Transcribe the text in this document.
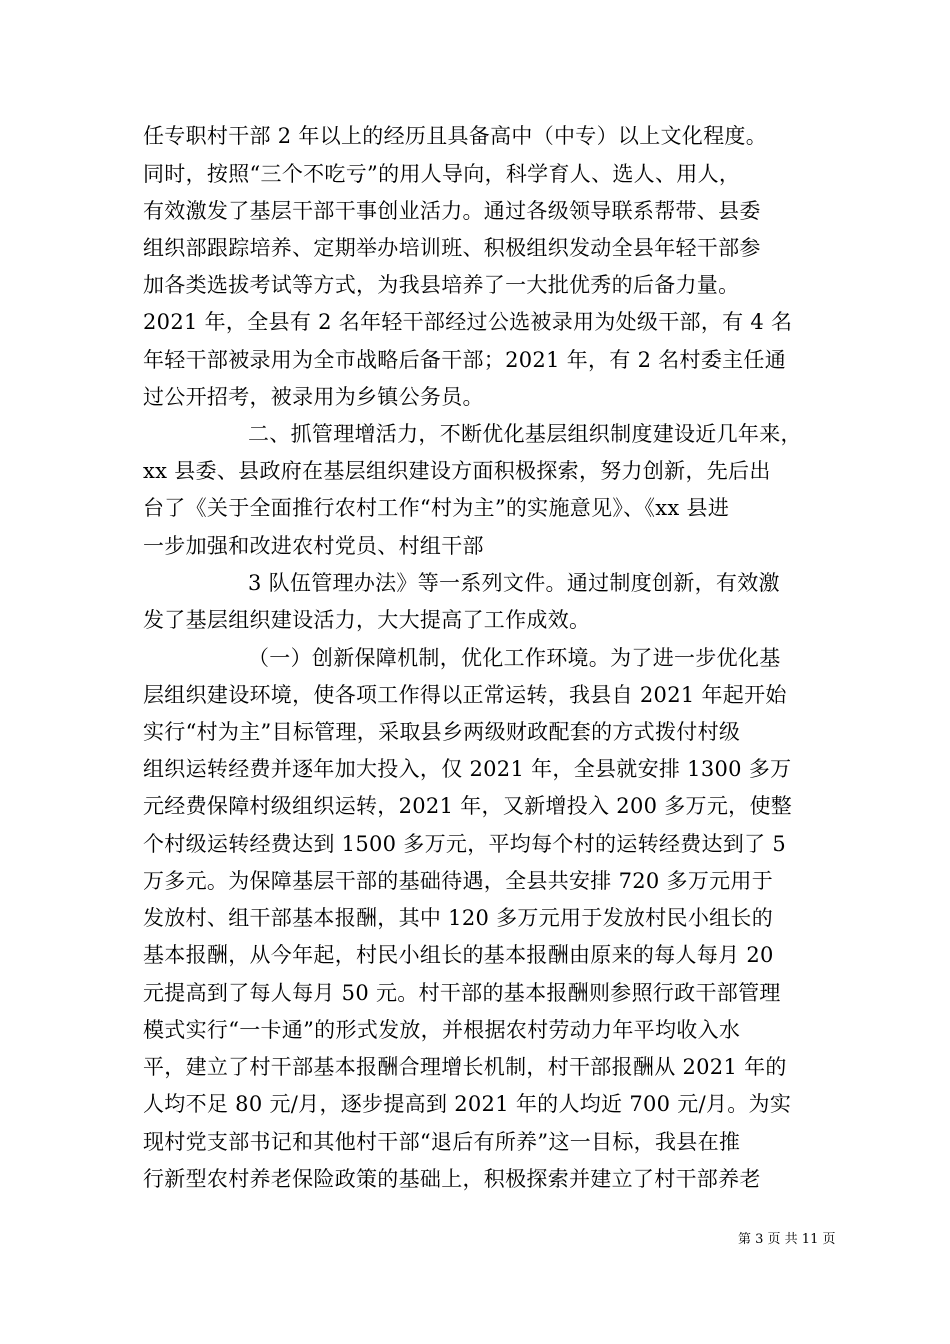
任专职村干部 2 年以上的经历且具备高中（中专）以上文化程度。
同时，按照“三个不吃亏”的用人导向，科学育人、选人、用人，
有效激发了基层干部干事创业活力。通过各级领导联系帮带、县委
组织部跟踪培养、定期举办培训班、积极组织发动全县年轻干部参
加各类选拔考试等方式，为我县培养了一大批优秀的后备力量。
2021 年，全县有 2 名年轻干部经过公选被录用为处级干部，有 4 名
年轻干部被录用为全市战略后备干部；2021 年，有 2 名村委主任通
过公开招考，被录用为乡镇公务员。
二、抓管理增活力，不断优化基层组织制度建设近几年来，
xx 县委、县政府在基层组织建设方面积极探索，努力创新，先后出
台了《关于全面推行农村工作“村为主”的实施意见》、《xx 县进
一步加强和改进农村党员、村组干部
3 队伍管理办法》等一系列文件。通过制度创新，有效激
发了基层组织建设活力，大大提高了工作成效。
（一）创新保障机制，优化工作环境。为了进一步优化基
层组织建设环境，使各项工作得以正常运转，我县自 2021 年起开始
实行“村为主”目标管理，采取县乡两级财政配套的方式拨付村级
组织运转经费并逐年加大投入，仅 2021 年，全县就安排 1300 多万
元经费保障村级组织运转，2021 年，又新增投入 200 多万元，使整
个村级运转经费达到 1500 多万元，平均每个村的运转经费达到了 5
万多元。为保障基层干部的基础待遇，全县共安排 720 多万元用于
发放村、组干部基本报酬，其中 120 多万元用于发放村民小组长的
基本报酬，从今年起，村民小组长的基本报酬由原来的每人每月 20
元提高到了每人每月 50 元。村干部的基本报酬则参照行政干部管理
模式实行“一卡通”的形式发放，并根据农村劳动力年平均收入水
平，建立了村干部基本报酬合理增长机制，村干部报酬从 2021 年的
人均不足 80 元/月，逐步提高到 2021 年的人均近 700 元/月。为实
现村党支部书记和其他村干部“退后有所养”这一目标，我县在推
行新型农村养老保险政策的基础上，积极探索并建立了村干部养老
第 3 页 共 11 页
